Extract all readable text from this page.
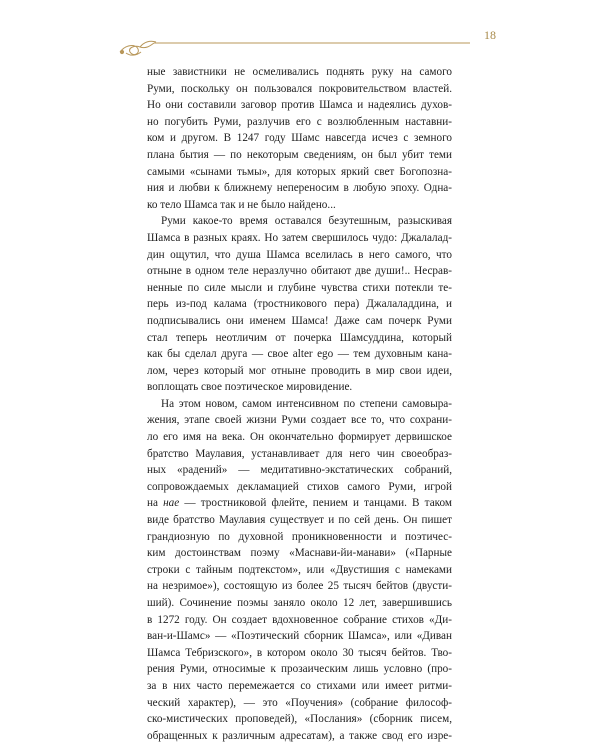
18

ные завистники не осмеливались поднять руку на самого
Руми, поскольку он пользовался покровительством властей.
Но они составили заговор против Шамса и надеялись духов-
но погубить Руми, разлучив его с возлюбленным наставни-
ком и другом. В 1247 году Шамс навсегда исчез с земного
плана бытия — по некоторым сведениям, он был убит теми
самыми «сынами тьмы», для которых яркий свет Богопозна-
ния и любви к ближнему непереносим в любую эпоху. Одна-
ко тело Шамса так и не было найдено...

Руми какое-то время оставался безутешным, разыскивая
Шамса в разных краях. Но затем свершилось чудо: Джалалад-
дин ощутил, что душа Шамса вселилась в него самого, что
отныне в одном теле неразлучно обитают две души!.. Несрав-
ненные по силе мысли и глубине чувства стихи потекли те-
перь из-под калама (тростникового пера) Джалаладдина, и
подписывались они именем Шамса! Даже сам почерк Руми
стал теперь неотличим от почерка Шамсуддина, который
как бы сделал друга — свое alter ego — тем духовным кана-
лом, через который мог отныне проводить в мир свои идеи,
воплощать свое поэтическое мировидение.

На этом новом, самом интенсивном по степени самовыра-
жения, этапе своей жизни Руми создает все то, что сохрани-
ло его имя на века. Он окончательно формирует дервишское
братство Маулавия, устанавливает для него чин своеобраз-
ных «радений» — медитативно-экстатических собраний,
сопровождаемых декламацией стихов самого Руми, игрой
на нае — тростниковой флейте, пением и танцами. В таком
виде братство Маулавия существует и по сей день. Он пишет
грандиозную по духовной проникновенности и поэтичес-
ким достоинствам поэму «Маснави-йи-манави» («Парные
строки с тайным подтекстом», или «Двустишия с намеками
на незримое»), состоящую из более 25 тысяч бейтов (двусти-
ший). Сочинение поэмы заняло около 12 лет, завершившись
в 1272 году. Он создает вдохновенное собрание стихов «Ди-
ван-и-Шамс» — «Поэтический сборник Шамса», или «Диван
Шамса Тебризского», в котором около 30 тысяч бейтов. Тво-
рения Руми, относимые к прозаическим лишь условно (про-
за в них часто перемежается со стихами или имеет ритми-
ческий характер), — это «Поучения» (собрание философ-
ско-мистических проповедей), «Послания» (сборник писем,
обращенных к различным адресатам), а также свод его изре-
